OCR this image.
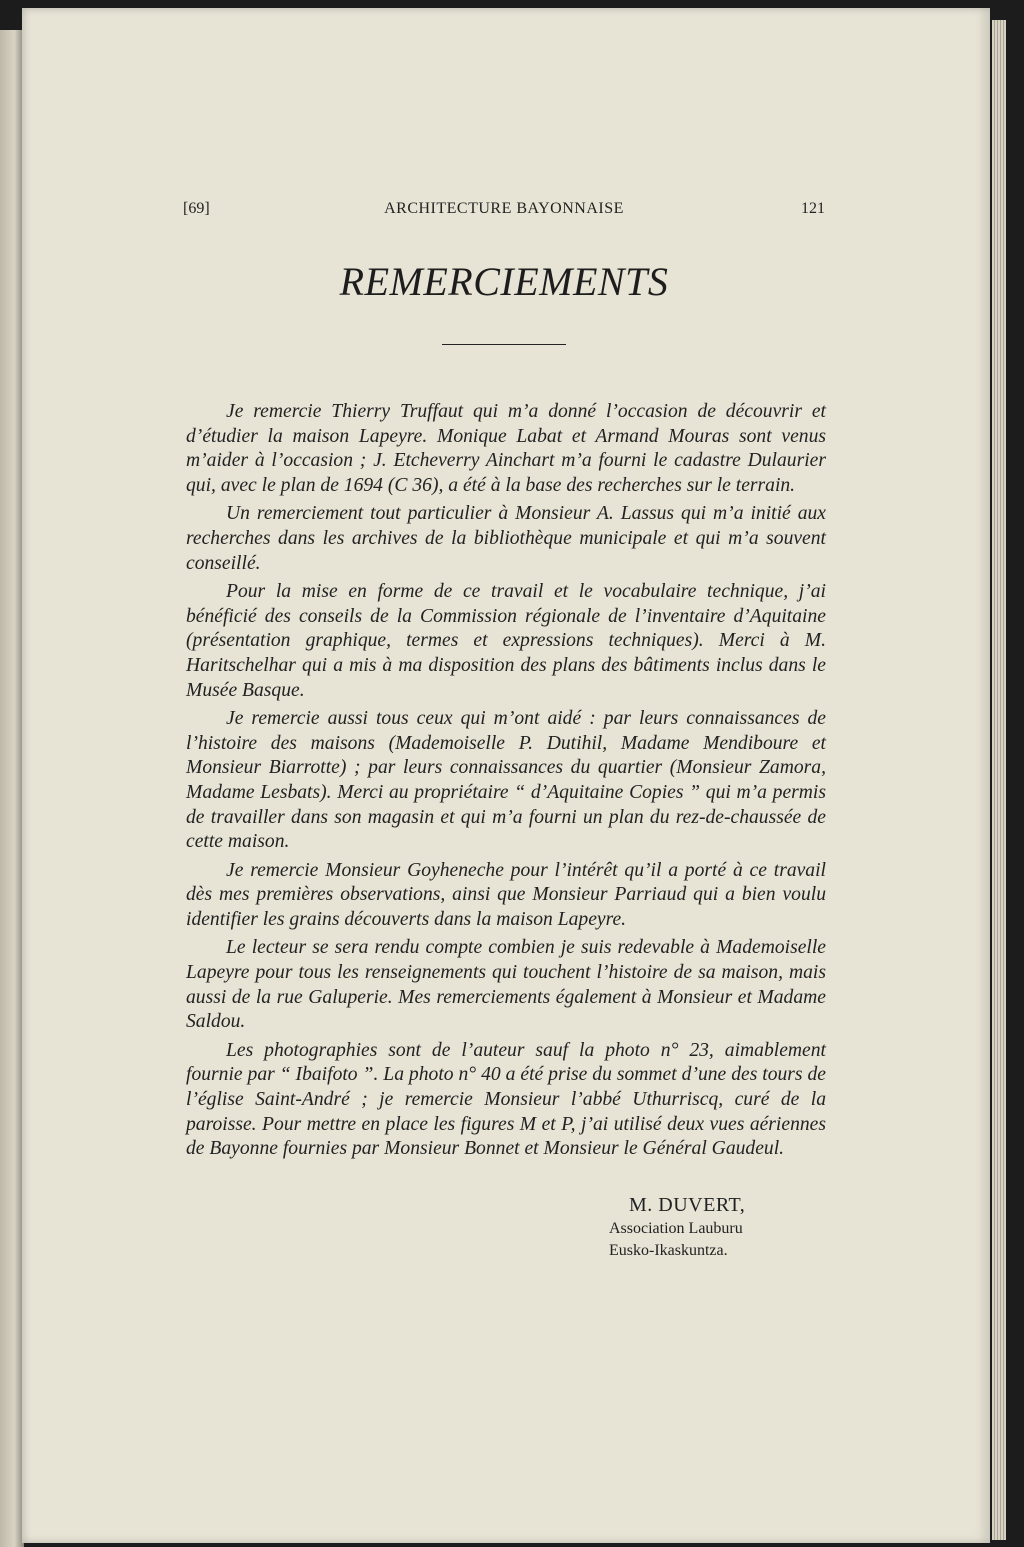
[69]	ARCHITECTURE BAYONNAISE	121
REMERCIEMENTS

Je remercie Thierry Truffaut qui m’a donné l’occasion de découvrir et d’étudier la maison Lapeyre. Monique Labat et Armand Mouras sont venus m’aider à l’occasion ; J. Etcheverry Ainchart m’a fourni le cadastre Dulaurier qui, avec le plan de 1694 (C 36), a été à la base des recherches sur le terrain.

Un remerciement tout particulier à Monsieur A. Lassus qui m’a initié aux recherches dans les archives de la bibliothèque municipale et qui m’a souvent conseillé.

Pour la mise en forme de ce travail et le vocabulaire technique, j’ai bénéficié des conseils de la Commission régionale de l’inventaire d’Aquitaine (présentation graphique, termes et expressions techniques). Merci à M. Haritschelhar qui a mis à ma disposition des plans des bâtiments inclus dans le Musée Basque.

Je remercie aussi tous ceux qui m’ont aidé : par leurs connaissances de l’histoire des maisons (Mademoiselle P. Dutihil, Madame Mendiboure et Monsieur Biarrotte) ; par leurs connaissances du quartier (Monsieur Zamora, Madame Lesbats). Merci au propriétaire “ d’Aquitaine Copies ” qui m’a permis de travailler dans son magasin et qui m’a fourni un plan du rez-de-chaussée de cette maison.

Je remercie Monsieur Goyheneche pour l’intérêt qu’il a porté à ce travail dès mes premières observations, ainsi que Monsieur Parriaud qui a bien voulu identifier les grains découverts dans la maison Lapeyre.

Le lecteur se sera rendu compte combien je suis redevable à Mademoiselle Lapeyre pour tous les renseignements qui touchent l’histoire de sa maison, mais aussi de la rue Galuperie. Mes remerciements également à Monsieur et Madame Saldou.

Les photographies sont de l’auteur sauf la photo n° 23, aimablement fournie par “ Ibaifoto ”. La photo n° 40 a été prise du sommet d’une des tours de l’église Saint-André ; je remercie Monsieur l’abbé Uthurriscq, curé de la paroisse. Pour mettre en place les figures M et P, j’ai utilisé deux vues aériennes de Bayonne fournies par Monsieur Bonnet et Monsieur le Général Gaudeul.

M. DUVERT,
Association Lauburu
Eusko-Ikaskuntza.
